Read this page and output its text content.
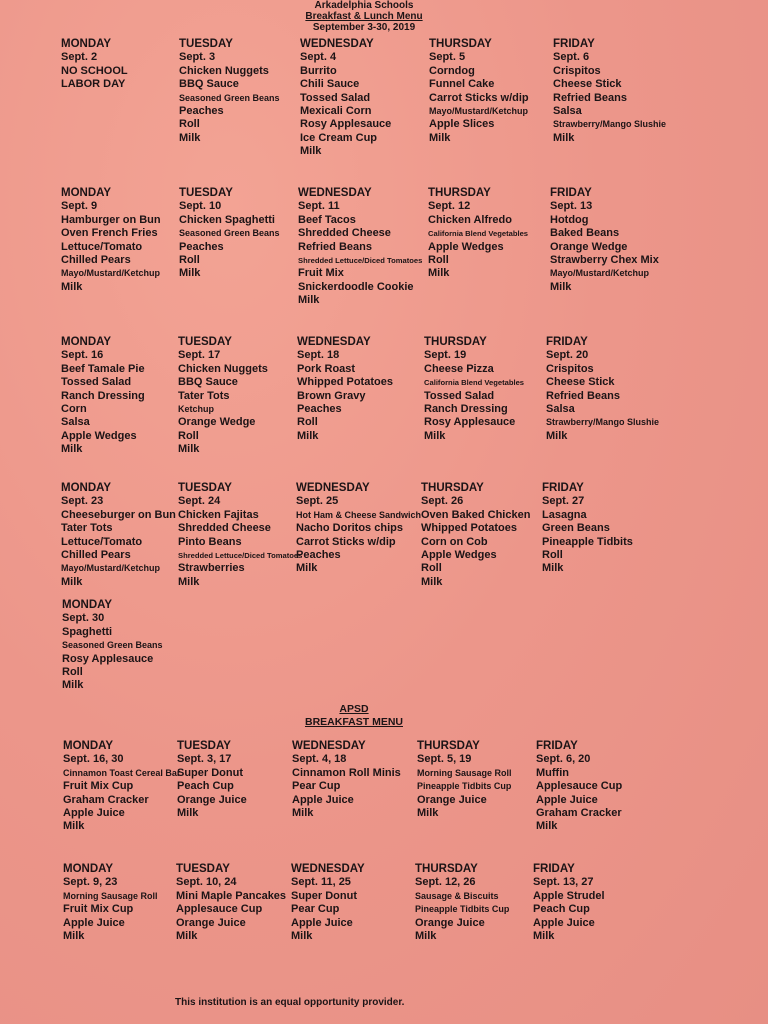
Arkadelphia Schools
Breakfast & Lunch Menu
September 3-30, 2019
MONDAY
Sept. 2
NO SCHOOL
LABOR DAY
TUESDAY
Sept. 3
Chicken Nuggets
BBQ Sauce
Seasoned Green Beans
Peaches
Roll
Milk
WEDNESDAY
Sept. 4
Burrito
Chili Sauce
Tossed Salad
Mexicali Corn
Rosy Applesauce
Ice Cream Cup
Milk
THURSDAY
Sept. 5
Corndog
Funnel Cake
Carrot Sticks w/dip
Mayo/Mustard/Ketchup
Apple Slices
Milk
FRIDAY
Sept. 6
Crispitos
Cheese Stick
Refried Beans
Salsa
Strawberry/Mango Slushie
Milk
MONDAY
Sept. 9
Hamburger on Bun
Oven French Fries
Lettuce/Tomato
Chilled Pears
Mayo/Mustard/Ketchup
Milk
TUESDAY
Sept. 10
Chicken Spaghetti
Seasoned Green Beans
Peaches
Roll
Milk
WEDNESDAY
Sept. 11
Beef Tacos
Shredded Cheese
Refried Beans
Shredded Lettuce/Diced Tomatoes
Fruit Mix
Snickerdoodle Cookie
Milk
THURSDAY
Sept. 12
Chicken Alfredo
California Blend Vegetables
Apple Wedges
Roll
Milk
FRIDAY
Sept. 13
Hotdog
Baked Beans
Orange Wedge
Strawberry Chex Mix
Mayo/Mustard/Ketchup
Milk
MONDAY
Sept. 16
Beef Tamale Pie
Tossed Salad
Ranch Dressing
Corn
Salsa
Apple Wedges
Milk
TUESDAY
Sept. 17
Chicken Nuggets
BBQ Sauce
Tater Tots
Ketchup
Orange Wedge
Roll
Milk
WEDNESDAY
Sept. 18
Pork Roast
Whipped Potatoes
Brown Gravy
Peaches
Roll
Milk
THURSDAY
Sept. 19
Cheese Pizza
California Blend Vegetables
Tossed Salad
Ranch Dressing
Rosy Applesauce
Milk
FRIDAY
Sept. 20
Crispitos
Cheese Stick
Refried Beans
Salsa
Strawberry/Mango Slushie
Milk
MONDAY
Sept. 23
Cheeseburger on Bun
Tater Tots
Lettuce/Tomato
Chilled Pears
Mayo/Mustard/Ketchup
Milk
TUESDAY
Sept. 24
Chicken Fajitas
Shredded Cheese
Pinto Beans
Shredded Lettuce/Diced Tomatoes
Strawberries
Milk
WEDNESDAY
Sept. 25
Hot Ham & Cheese Sandwich
Nacho Doritos chips
Carrot Sticks w/dip
Peaches
Milk
THURSDAY
Sept. 26
Oven Baked Chicken
Whipped Potatoes
Corn on Cob
Apple Wedges
Roll
Milk
FRIDAY
Sept. 27
Lasagna
Green Beans
Pineapple Tidbits
Roll
Milk
MONDAY
Sept. 30
Spaghetti
Seasoned Green Beans
Rosy Applesauce
Roll
Milk
APSD
BREAKFAST MENU
MONDAY
Sept. 16, 30
Cinnamon Toast Cereal Bar
Fruit Mix Cup
Graham Cracker
Apple Juice
Milk
TUESDAY
Sept. 3, 17
Super Donut
Peach Cup
Orange Juice
Milk
WEDNESDAY
Sept. 4, 18
Cinnamon Roll Minis
Pear Cup
Apple Juice
Milk
THURSDAY
Sept. 5, 19
Morning Sausage Roll
Pineapple Tidbits Cup
Orange Juice
Milk
FRIDAY
Sept. 6, 20
Muffin
Applesauce Cup
Apple Juice
Graham Cracker
Milk
MONDAY
Sept. 9, 23
Morning Sausage Roll
Fruit Mix Cup
Apple Juice
Milk
TUESDAY
Sept. 10, 24
Mini Maple Pancakes
Applesauce Cup
Orange Juice
Milk
WEDNESDAY
Sept. 11, 25
Super Donut
Pear Cup
Apple Juice
Milk
THURSDAY
Sept. 12, 26
Sausage & Biscuits
Pineapple Tidbits Cup
Orange Juice
Milk
FRIDAY
Sept. 13, 27
Apple Strudel
Peach Cup
Apple Juice
Milk
This institution is an equal opportunity provider.
